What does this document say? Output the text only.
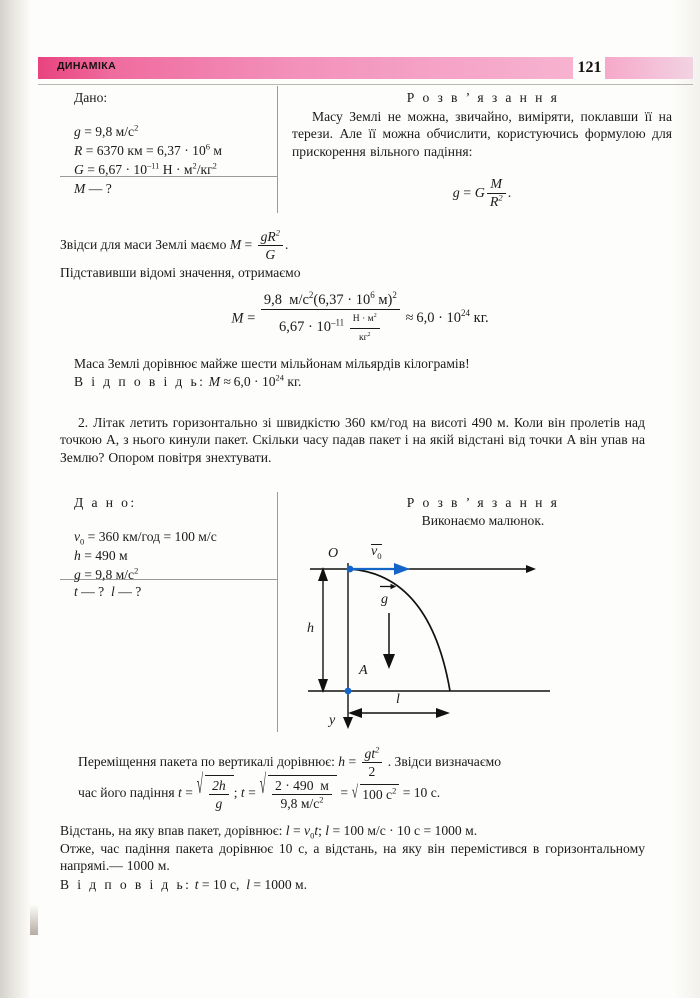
ДИНАМІКА	121
Дано:
g = 9,8 $м/с^2$
R = 6370 км = $6,37 \cdot 10^6$ м
$G = 6,67 \cdot 10^{-11}$ $Н \cdot м^2/кг^2$
M — ?
Р о з в ’ я з а н н я
Масу Землі не можна, звичайно, виміряти, поклавши її на терези. Але її можна обчислити, користуючись формулою для прискорення вільного падіння:
g = G $\frac{M}{R^2}$ .
Звідси для маси Землі маємо $M = \frac{gR^2}{G}$ .
Підставивши відомі значення, отримаємо
$M = \frac{9,8 м/с^2(6,37 \cdot 10^6 м)^2}{6,67 \cdot 10^{-11} \frac{Н \cdot м^2}{кг^2}} \approx 6,0 \cdot 10^{24}$ кг.
Маса Землі дорівнює майже шести мільйонам мільярдів кілограмів!
В і д п о в і д ь: $M \approx 6,0 \cdot 10^{24}$ кг.
2. Літак летить горизонтально зі швидкістю 360 км/год на висоті 490 м. Коли він пролетів над точкою A, з нього кинули пакет. Скільки часу падав пакет і на якій відстані від точки A він упав на Землю? Опором повітря знехтувати.
Д а н о:
$v_0 = 360$ км/год = 100 м/с
h = 490 м
g = 9,8 $м/с^2$
t — ?  l — ?
Р о з в ’ я з а н н я
Виконаємо малюнок.
O $v_0$
h
g
A
l
y
Переміщення пакета по вертикалі дорівнює: $h = \frac{gt^2}{2}$ . Звідси визначаємо
час його падіння t = √ $\frac{2h}{g}$ ; t = √ $\frac{2 \cdot 490 м}{9,8 м/с^2}$ = √ 100 $с^2 = 10$ с.
Відстань, на яку впав пакет, дорівнює: $l = v_0t$; l = 100 м/с · 10 с = 1000 м.
Отже, час падіння пакета дорівнює 10 с, а відстань, на яку він перемістився в горизонтальному напрямі.— 1000 м.
В і д п о в і д ь: t = 10 с,  l = 1000 м.
